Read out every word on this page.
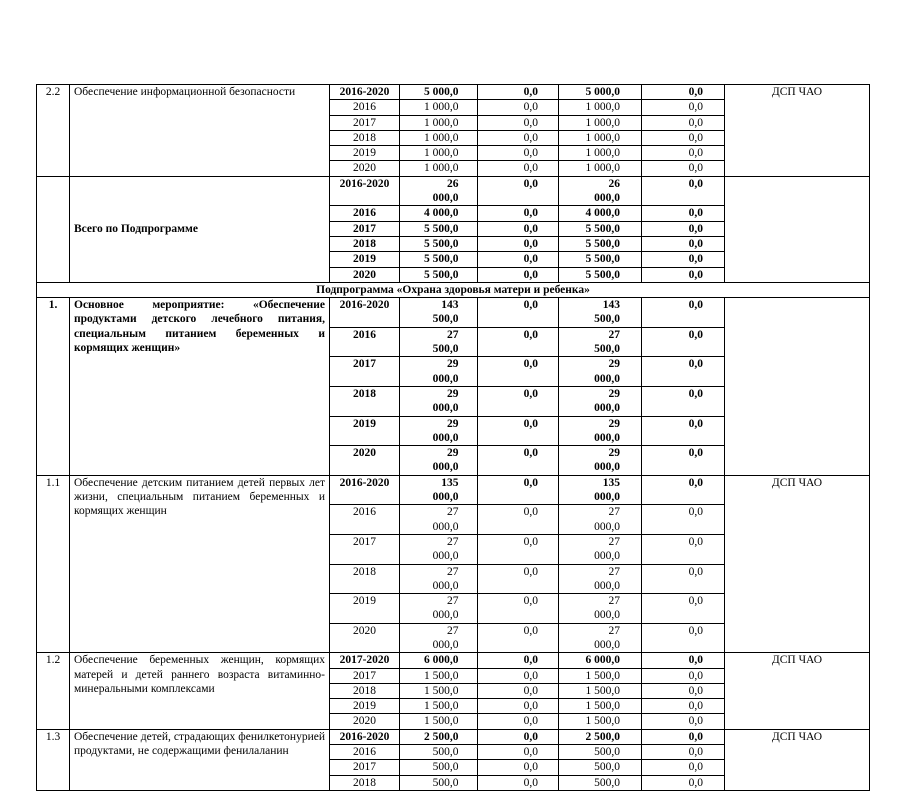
2.2	Обеспечение информационной безопасности	2016-2020	5 000,0	0,0	5 000,0	0,0	ДСП ЧАО
		2016	1 000,0	0,0	1 000,0	0,0	
		2017	1 000,0	0,0	1 000,0	0,0	
		2018	1 000,0	0,0	1 000,0	0,0	
		2019	1 000,0	0,0	1 000,0	0,0	
		2020	1 000,0	0,0	1 000,0	0,0	
	Всего по Подпрограмме	2016-2020	26 000,0	0,0	26 000,0	0,0	
		2016	4 000,0	0,0	4 000,0	0,0	
		2017	5 500,0	0,0	5 500,0	0,0	
		2018	5 500,0	0,0	5 500,0	0,0	
		2019	5 500,0	0,0	5 500,0	0,0	
		2020	5 500,0	0,0	5 500,0	0,0	
Подпрограмма «Охрана здоровья матери и ребенка»							
1.	Основное мероприятие: «Обеспечение продуктами детского лечебного питания, специальным питанием беременных и кормящих женщин»	2016-2020	143 500,0	0,0	143 500,0	0,0	
		2016	27 500,0	0,0	27 500,0	0,0	
		2017	29 000,0	0,0	29 000,0	0,0	
		2018	29 000,0	0,0	29 000,0	0,0	
		2019	29 000,0	0,0	29 000,0	0,0	
		2020	29 000,0	0,0	29 000,0	0,0	
1.1	Обеспечение детским питанием детей первых лет жизни, специальным питанием беременных и кормящих женщин	2016-2020	135 000,0	0,0	135 000,0	0,0	ДСП ЧАО
		2016	27 000,0	0,0	27 000,0	0,0	
		2017	27 000,0	0,0	27 000,0	0,0	
		2018	27 000,0	0,0	27 000,0	0,0	
		2019	27 000,0	0,0	27 000,0	0,0	
		2020	27 000,0	0,0	27 000,0	0,0	
1.2	Обеспечение беременных женщин, кормящих матерей и детей раннего возраста витаминно-минеральными комплексами	2017-2020	6 000,0	0,0	6 000,0	0,0	ДСП ЧАО
		2017	1 500,0	0,0	1 500,0	0,0	
		2018	1 500,0	0,0	1 500,0	0,0	
		2019	1 500,0	0,0	1 500,0	0,0	
		2020	1 500,0	0,0	1 500,0	0,0	
1.3	Обеспечение детей, страдающих фенилкетонурией продуктами, не содержащими фенилаланин	2016-2020	2 500,0	0,0	2 500,0	0,0	ДСП ЧАО
		2016	500,0	0,0	500,0	0,0	
		2017	500,0	0,0	500,0	0,0	
		2018	500,0	0,0	500,0	0,0	
